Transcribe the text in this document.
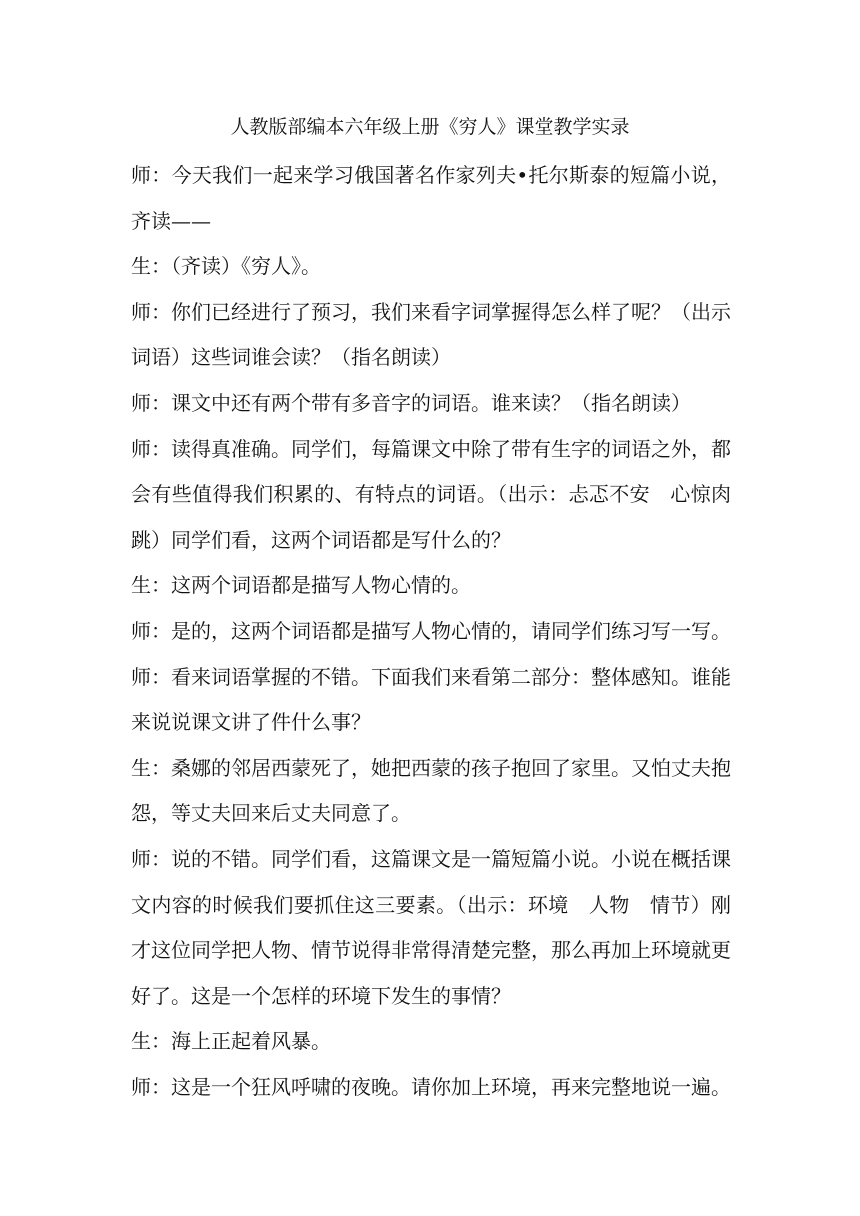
人教版部编本六年级上册《穷人》课堂教学实录

师：今天我们一起来学习俄国著名作家列夫•托尔斯泰的短篇小说，齐读——

生：（齐读）《穷人》。

师：你们已经进行了预习，我们来看字词掌握得怎么样了呢？（出示词语）这些词谁会读？（指名朗读）

师：课文中还有两个带有多音字的词语。谁来读？（指名朗读）

师：读得真准确。同学们，每篇课文中除了带有生字的词语之外，都会有些值得我们积累的、有特点的词语。（出示：忐忑不安　心惊肉跳）同学们看，这两个词语都是写什么的？

生：这两个词语都是描写人物心情的。

师：是的，这两个词语都是描写人物心情的，请同学们练习写一写。

师：看来词语掌握的不错。下面我们来看第二部分：整体感知。谁能来说说课文讲了件什么事？

生：桑娜的邻居西蒙死了，她把西蒙的孩子抱回了家里。又怕丈夫抱怨，等丈夫回来后丈夫同意了。

师：说的不错。同学们看，这篇课文是一篇短篇小说。小说在概括课文内容的时候我们要抓住这三要素。（出示：环境　人物　情节）刚才这位同学把人物、情节说得非常得清楚完整，那么再加上环境就更好了。这是一个怎样的环境下发生的事情？

生：海上正起着风暴。

师：这是一个狂风呼啸的夜晚。请你加上环境，再来完整地说一遍。
